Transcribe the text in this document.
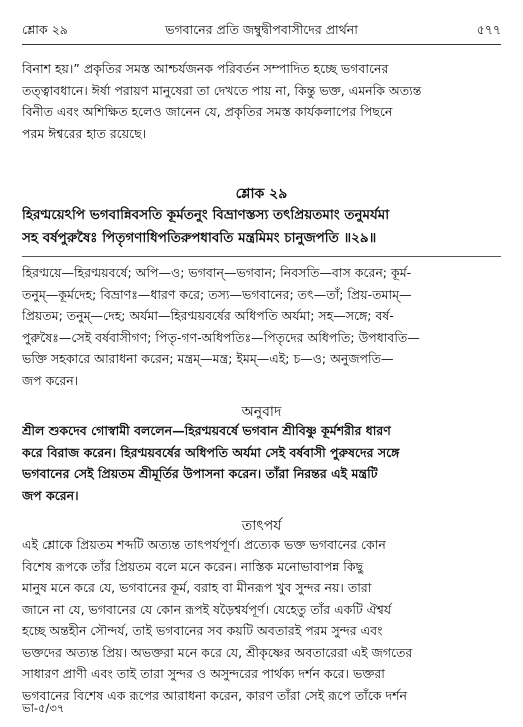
শ্লোক ২৯	ভগবানের প্রতি জম্বুদ্বীপবাসীদের প্রার্থনা	৫৭৭
বিনাশ হয়।” প্রকৃতির সমস্ত আশ্চর্যজনক পরিবর্তন সম্পাদিত হচ্ছে ভগবানের
তত্ত্বাবধানে। ঈর্ষা পরায়ণ মানুষেরা তা দেখতে পায় না, কিন্তু ভক্ত, এমনকি অত্যন্ত
বিনীত এবং অশিক্ষিত হলেও জানেন যে, প্রকৃতির সমস্ত কার্যকলাপের পিছনে
পরম ঈশ্বরের হাত রয়েছে।
শ্লোক ২৯
হিরণ্ময়েঽপি ভগবান্নিবসতি কূর্মতনুং বিভ্রাণস্তস্য তৎপ্রিয়তমাং তনুমর্যমা
সহ বর্ষপুরুষৈঃ পিতৃগণাধিপতিরুপধাবতি মন্ত্রমিমং চানুজপতি ॥২৯॥
হিরণ্ময়ে—হিরণ্ময়বর্ষে; অপি—ও; ভগবান্—ভগবান; নিবসতি—বাস করেন; কূর্ম-
তনুম্—কূর্মদেহ; বিভ্রাণঃ—ধারণ করে; তস্য—ভগবানের; তৎ—তাঁ; প্রিয়-তমাম্—
প্রিয়তম; তনুম্—দেহ; অর্যমা—হিরণ্ময়বর্ষের অধিপতি অর্যমা; সহ—সঙ্গে; বর্ষ-
পুরুষৈঃ—সেই বর্ষবাসীগণ; পিতৃ-গণ-অধিপতিঃ—পিতৃদের অধিপতি; উপধাবতি—
ভক্তি সহকারে আরাধনা করেন; মন্ত্রম্—মন্ত্র; ইমম্—এই; চ—ও; অনুজপতি—
জপ করেন।
অনুবাদ
শ্রীল শুকদেব গোস্বামী বললেন—হিরণ্ময়বর্ষে ভগবান শ্রীবিষ্ণু কূর্মশরীর ধারণ
করে বিরাজ করেন। হিরণ্ময়বর্ষের অধিপতি অর্যমা সেই বর্ষবাসী পুরুষদের সঙ্গে
ভগবানের সেই প্রিয়তম শ্রীমূর্তির উপাসনা করেন। তাঁরা নিরন্তর এই মন্ত্রটি
জপ করেন।
তাৎপর্য
এই শ্লোকে প্রিয়তম শব্দটি অত্যন্ত তাৎপর্যপূর্ণ। প্রত্যেক ভক্ত ভগবানের কোন
বিশেষ রূপকে তাঁর প্রিয়তম বলে মনে করেন। নাস্তিক মনোভাবাপন্ন কিছু
মানুষ মনে করে যে, ভগবানের কূর্ম, বরাহ বা মীনরূপ খুব সুন্দর নয়। তারা
জানে না যে, ভগবানের যে কোন রূপই ষড়ৈশ্বর্যপূর্ণ। যেহেতু তাঁর একটি ঐশ্বর্য
হচ্ছে অন্তহীন সৌন্দর্য, তাই ভগবানের সব কয়টি অবতারই পরম সুন্দর এবং
ভক্তদের অত্যন্ত প্রিয়। অভক্তরা মনে করে যে, শ্রীকৃষ্ণের অবতারেরা এই জগতের
সাধারণ প্রাণী এবং তাই তারা সুন্দর ও অসুন্দরের পার্থক্য দর্শন করে। ভক্তরা
ভগবানের বিশেষ এক রূপের আরাধনা করেন, কারণ তাঁরা সেই রূপে তাঁকে দর্শন
ভা-৫/৩৭
